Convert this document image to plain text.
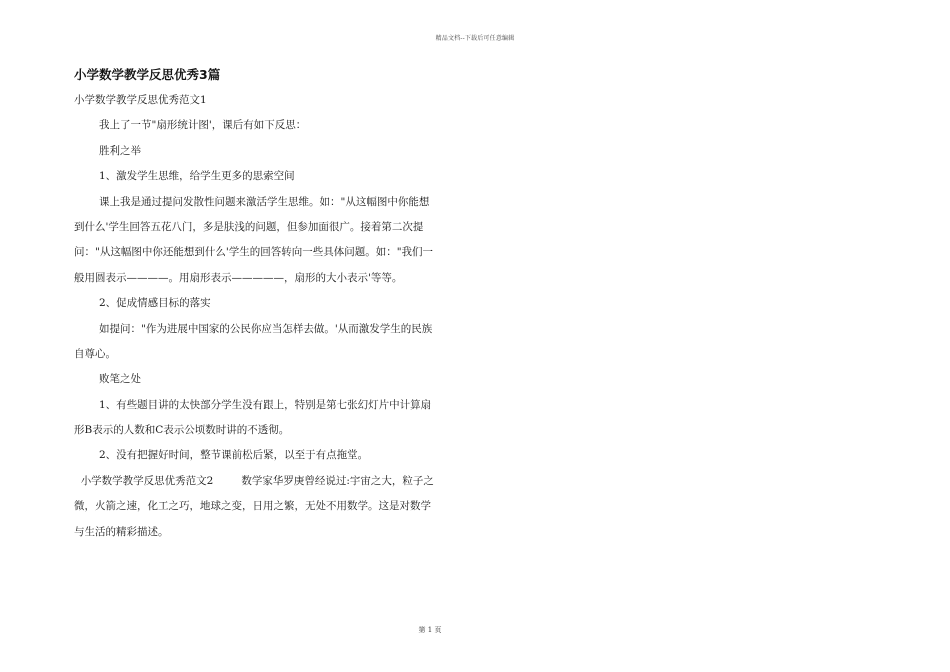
精品文档--下载后可任意编辑
小学数学教学反思优秀3篇
小学数学教学反思优秀范文1
我上了一节"扇形统计图'，课后有如下反思：
胜利之举
1、激发学生思维，给学生更多的思索空间
课上我是通过提问发散性问题来激活学生思维。如："从这幅图中你能想
到什么'学生回答五花八门，多是肤浅的问题，但参加面很广。接着第二次提
问："从这幅图中你还能想到什么'学生的回答转向一些具体问题。如："我们一
般用圆表示————。用扇形表示—————，扇形的大小表示'等等。
2、促成情感目标的落实
如提问："作为进展中国家的公民你应当怎样去做。'从而激发学生的民族
自尊心。
败笔之处
1、有些题目讲的太快部分学生没有跟上，特别是第七张幻灯片中计算扇
形B表示的人数和C表示公顷数时讲的不透彻。
2、没有把握好时间，整节课前松后紧，以至于有点拖堂。
小学数学教学反思优秀范文2	数学家华罗庚曾经说过:宇宙之大，粒子之
微，火箭之速，化工之巧，地球之变，日用之繁，无处不用数学。这是对数学
与生活的精彩描述。
第 1 页
